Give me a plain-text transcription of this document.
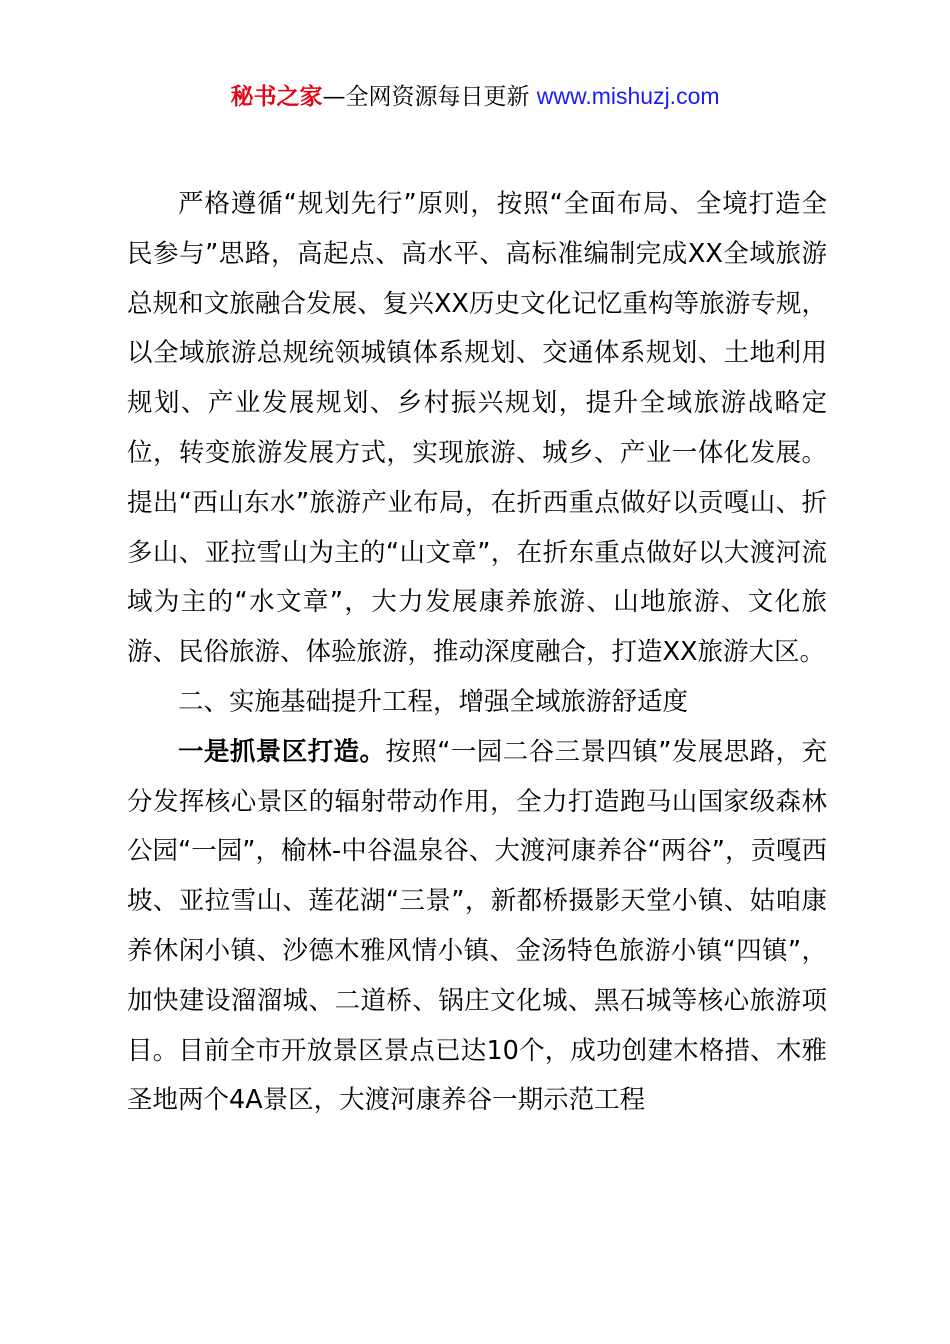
秘书之家—全网资源每日更新 www.mishuzj.com

严格遵循“规划先行”原则，按照“全面布局、全境打造全民参与”思路，高起点、高水平、高标准编制完成XX全域旅游总规和文旅融合发展、复兴XX历史文化记忆重构等旅游专规，以全域旅游总规统领城镇体系规划、交通体系规划、土地利用规划、产业发展规划、乡村振兴规划，提升全域旅游战略定位，转变旅游发展方式，实现旅游、城乡、产业一体化发展。提出“西山东水”旅游产业布局，在折西重点做好以贡嘎山、折多山、亚拉雪山为主的“山文章”，在折东重点做好以大渡河流域为主的“水文章”，大力发展康养旅游、山地旅游、文化旅游、民俗旅游、体验旅游，推动深度融合，打造XX旅游大区。

二、实施基础提升工程，增强全域旅游舒适度

一是抓景区打造。按照“一园二谷三景四镇”发展思路，充分发挥核心景区的辐射带动作用，全力打造跑马山国家级森林公园“一园”，榆林-中谷温泉谷、大渡河康养谷“两谷”，贡嘎西坡、亚拉雪山、莲花湖“三景”，新都桥摄影天堂小镇、姑咱康养休闲小镇、沙德木雅风情小镇、金汤特色旅游小镇“四镇”，加快建设溜溜城、二道桥、锅庄文化城、黑石城等核心旅游项目。目前全市开放景区景点已达10个，成功创建木格措、木雅圣地两个4A景区，大渡河康养谷一期示范工程
